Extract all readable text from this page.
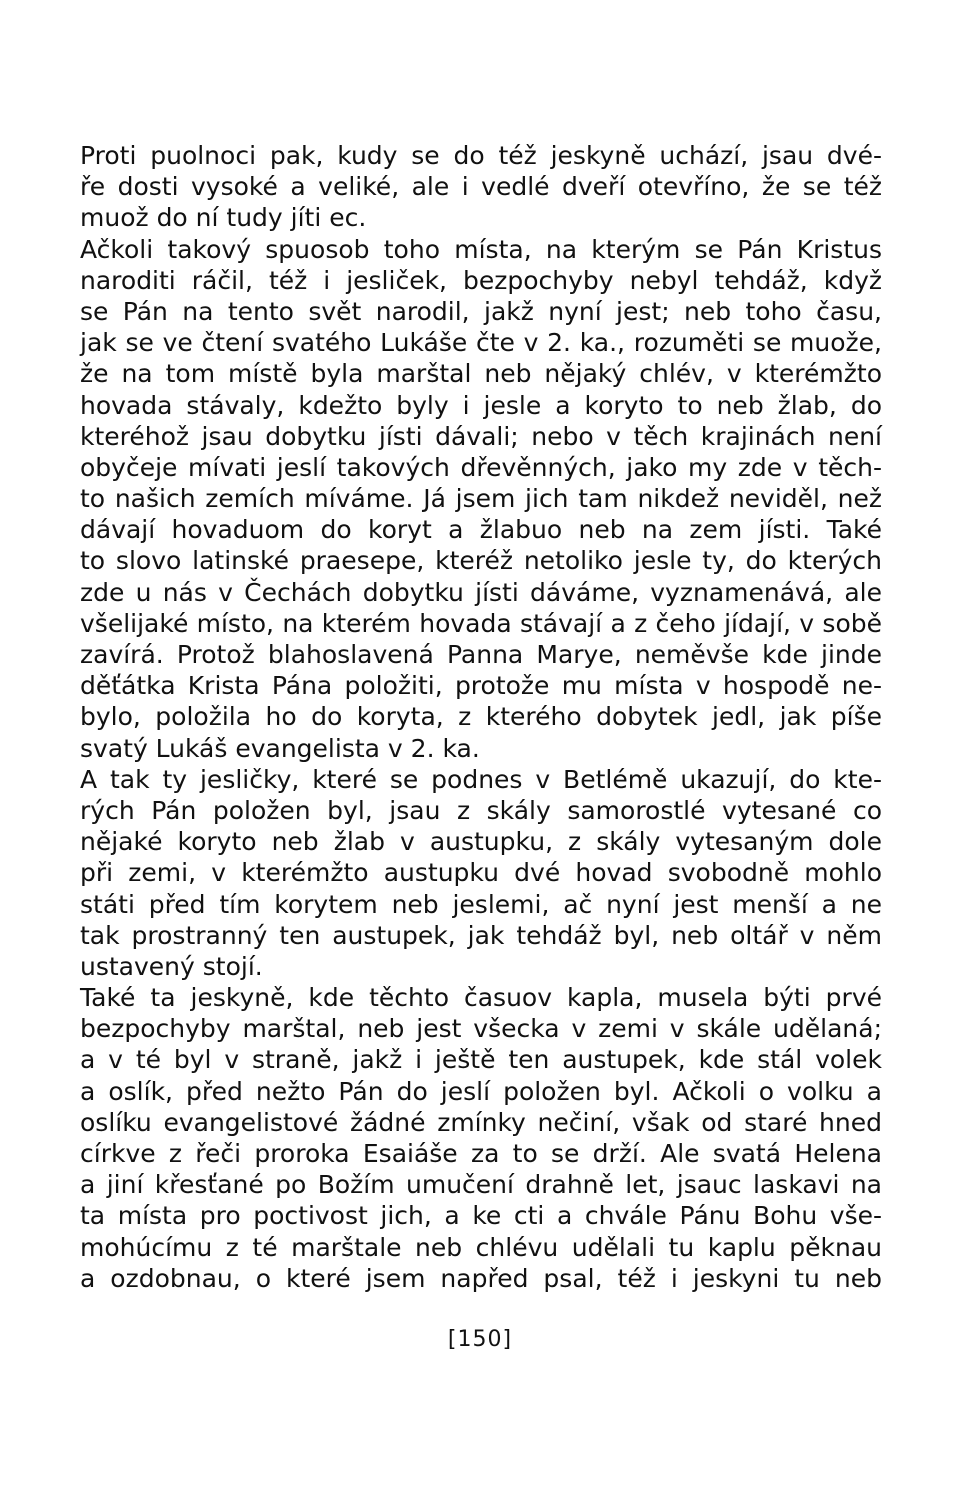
Proti puolnoci pak, kudy se do též jeskyně uchází, jsau dvé-
ře dosti vysoké a veliké, ale i vedlé dveří otevříno, že se též
muož do ní tudy jíti ec.
Ačkoli takový spuosob toho místa, na kterým se Pán Kristus
naroditi ráčil, též i jesliček, bezpochyby nebyl tehdáž, když
se Pán na tento svět narodil, jakž nyní jest; neb toho času,
jak se ve čtení svatého Lukáše čte v 2. ka., rozuměti se muože,
že na tom místě byla marštal neb nějaký chlév, v kterémžto
hovada stávaly, kdežto byly i jesle a koryto to neb žlab, do
kteréhož jsau dobytku jísti dávali; nebo v těch krajinách není
obyčeje mívati jeslí takových dřevěnných, jako my zde v těch-
to našich zemích míváme. Já jsem jich tam nikdež neviděl, než
dávají hovaduom do koryt a žlabuo neb na zem jísti. Také
to slovo latinské praesepe, kteréž netoliko jesle ty, do kterých
zde u nás v Čechách dobytku jísti dáváme, vyznamenává, ale
všelijaké místo, na kterém hovada stávají a z čeho jídají, v sobě
zavírá. Protož blahoslavená Panna Marye, neměvše kde jinde
děťátka Krista Pána položiti, protože mu místa v hospodě ne-
bylo, položila ho do koryta, z kterého dobytek jedl, jak píše
svatý Lukáš evangelista v 2. ka.
A tak ty jesličky, které se podnes v Betlémě ukazují, do kte-
rých Pán položen byl, jsau z skály samorostlé vytesané co
nějaké koryto neb žlab v austupku, z skály vytesaným dole
při zemi, v kterémžto austupku dvé hovad svobodně mohlo
státi před tím korytem neb jeslemi, ač nyní jest menší a ne
tak prostranný ten austupek, jak tehdáž byl, neb oltář v něm
ustavený stojí.
Také ta jeskyně, kde těchto časuov kapla, musela býti prvé
bezpochyby marštal, neb jest všecka v zemi v skále udělaná;
a v té byl v straně, jakž i ještě ten austupek, kde stál volek
a oslík, před nežto Pán do jeslí položen byl. Ačkoli o volku a
oslíku evangelistové žádné zmínky nečiní, však od staré hned
církve z řeči proroka Esaiáše za to se drží. Ale svatá Helena
a jiní křesťané po Božím umučení drahně let, jsauc laskavi na
ta místa pro poctivost jich, a ke cti a chvále Pánu Bohu vše-
mohúcímu z té marštale neb chlévu udělali tu kaplu pěknau
a ozdobnau, o které jsem napřed psal, též i jeskyni tu neb
[150]
